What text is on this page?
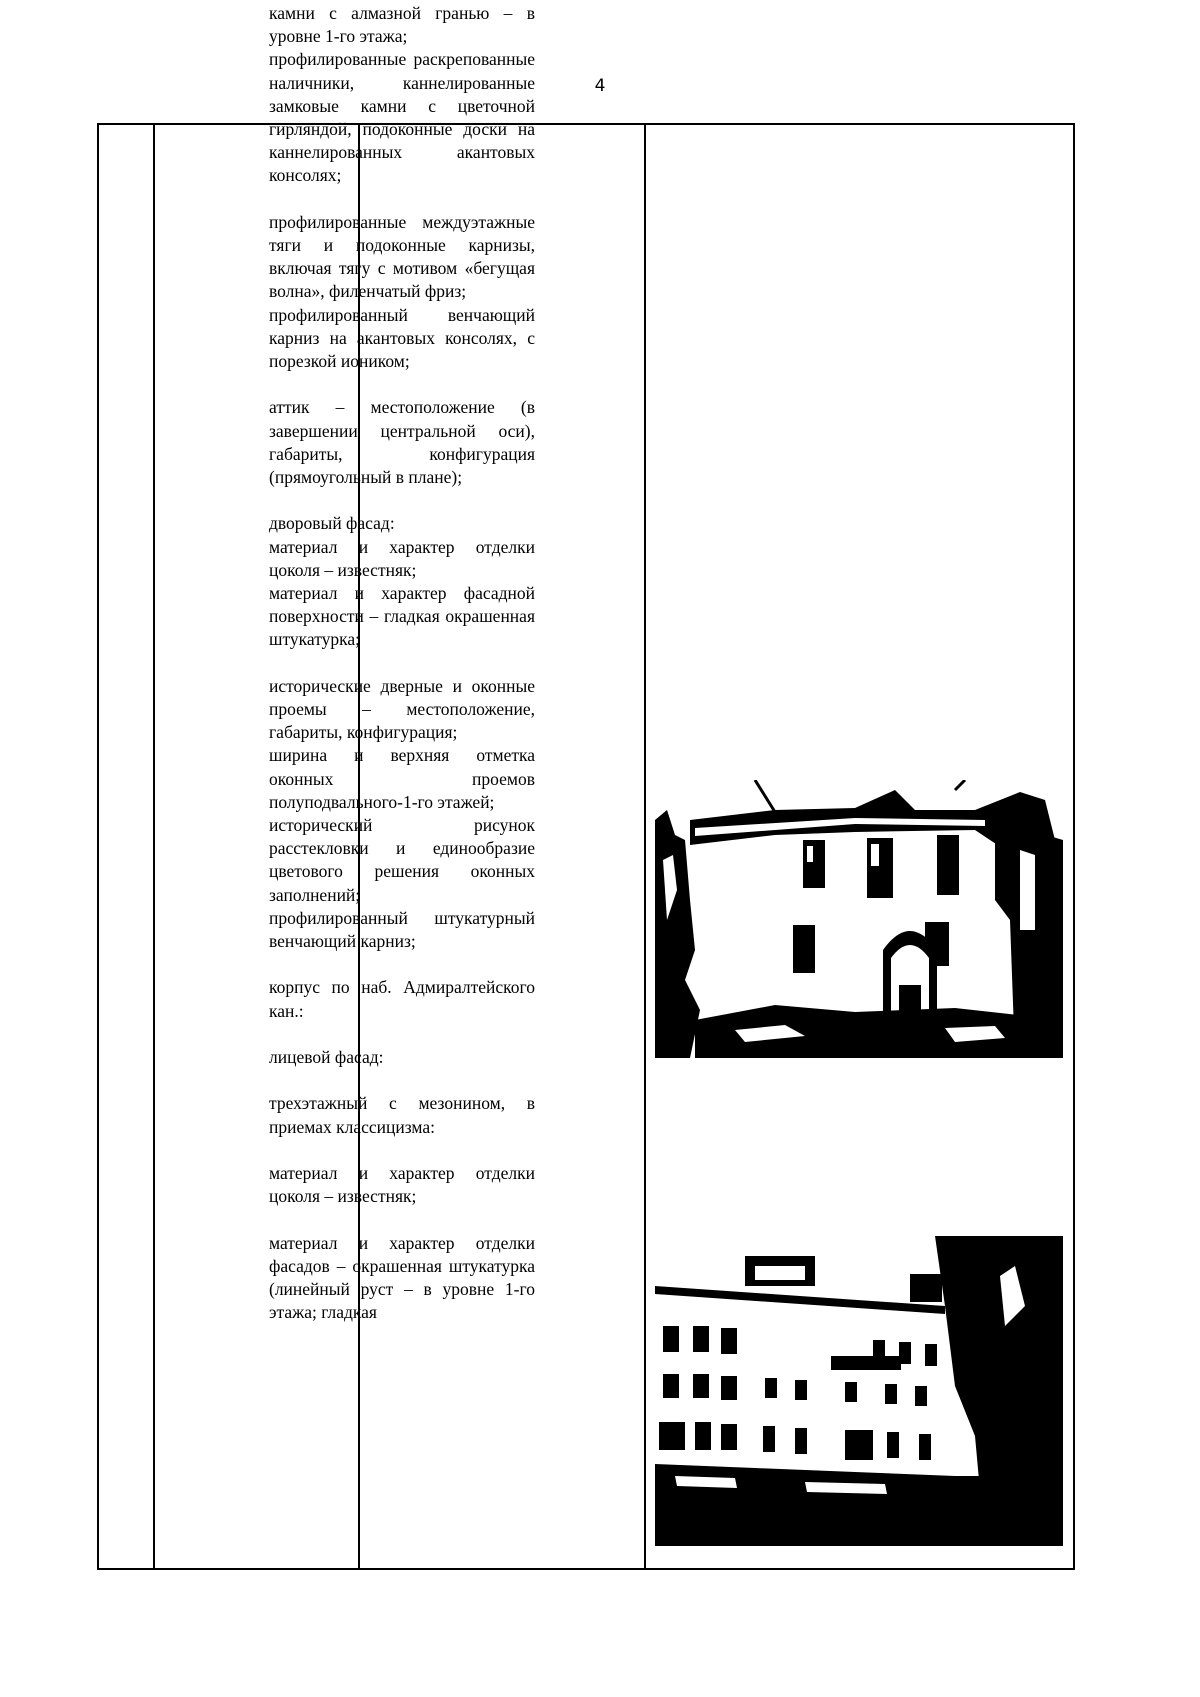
4
камни с алмазной гранью – в уровне 1-го этажа;
профилированные раскрепованные наличники, каннелированные замковые камни с цветочной гирляндой, подоконные доски на каннелированных акантовых консолях;
профилированные междуэтажные тяги и подоконные карнизы, включая тягу с мотивом «бегущая волна», филенчатый фриз;
профилированный венчающий карниз на акантовых консолях, с порезкой иоником;
аттик – местоположение (в завершении центральной оси), габариты, конфигурация (прямоугольный в плане);
дворовый фасад:
материал и характер отделки цоколя – известняк;
материал и характер фасадной поверхности – гладкая окрашенная штукатурка;
исторические дверные и оконные проемы – местоположение, габариты, конфигурация;
ширина и верхняя отметка оконных проемов полуподвального-1-го этажей;
исторический рисунок расстекловки и единообразие цветового решения оконных заполнений;
профилированный штукатурный венчающий карниз;
корпус по наб. Адмиралтейского кан.:
лицевой фасад:
трехэтажный с мезонином, в приемах классицизма:
материал и характер отделки цоколя – известняк;
материал и характер отделки фасадов – окрашенная штукатурка (линейный руст – в уровне 1-го этажа; гладкая
